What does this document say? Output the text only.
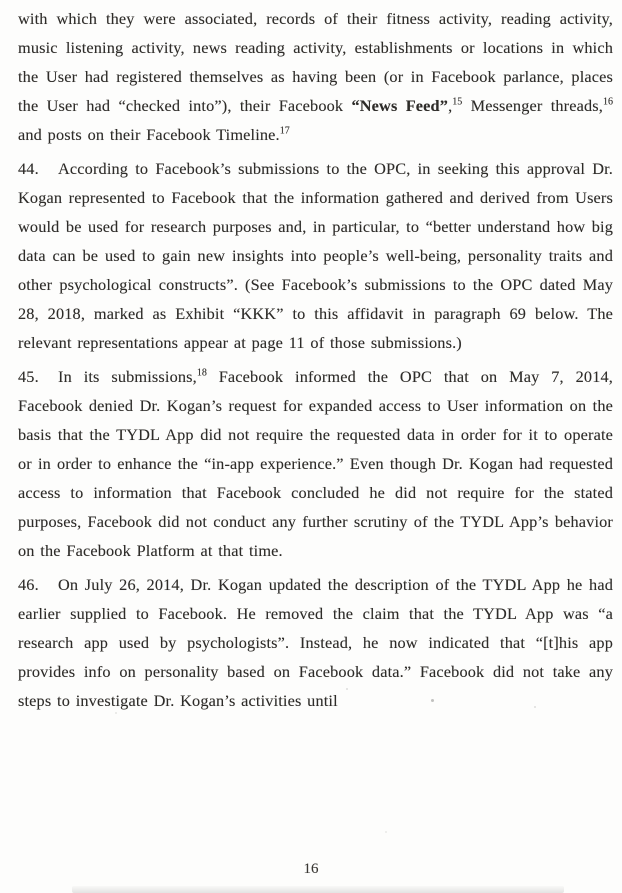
with which they were associated, records of their fitness activity, reading activity, music listening activity, news reading activity, establishments or locations in which the User had registered themselves as having been (or in Facebook parlance, places the User had “checked into”), their Facebook “News Feed”,$^{15}$ Messenger threads,$^{16}$ and posts on their Facebook Timeline.$^{17}$

44. According to Facebook’s submissions to the OPC, in seeking this approval Dr. Kogan represented to Facebook that the information gathered and derived from Users would be used for research purposes and, in particular, to “better understand how big data can be used to gain new insights into people’s well-being, personality traits and other psychological constructs”. (See Facebook’s submissions to the OPC dated May 28, 2018, marked as Exhibit “KKK” to this affidavit in paragraph 69 below. The relevant representations appear at page 11 of those submissions.)

45. In its submissions,$^{18}$ Facebook informed the OPC that on May 7, 2014, Facebook denied Dr. Kogan’s request for expanded access to User information on the basis that the TYDL App did not require the requested data in order for it to operate or in order to enhance the “in-app experience.” Even though Dr. Kogan had requested access to information that Facebook concluded he did not require for the stated purposes, Facebook did not conduct any further scrutiny of the TYDL App’s behavior on the Facebook Platform at that time.

46. On July 26, 2014, Dr. Kogan updated the description of the TYDL App he had earlier supplied to Facebook. He removed the claim that the TYDL App was “a research app used by psychologists”. Instead, he now indicated that “[t]his app provides info on personality based on Facebook data.” Facebook did not take any steps to investigate Dr. Kogan’s activities until

16
